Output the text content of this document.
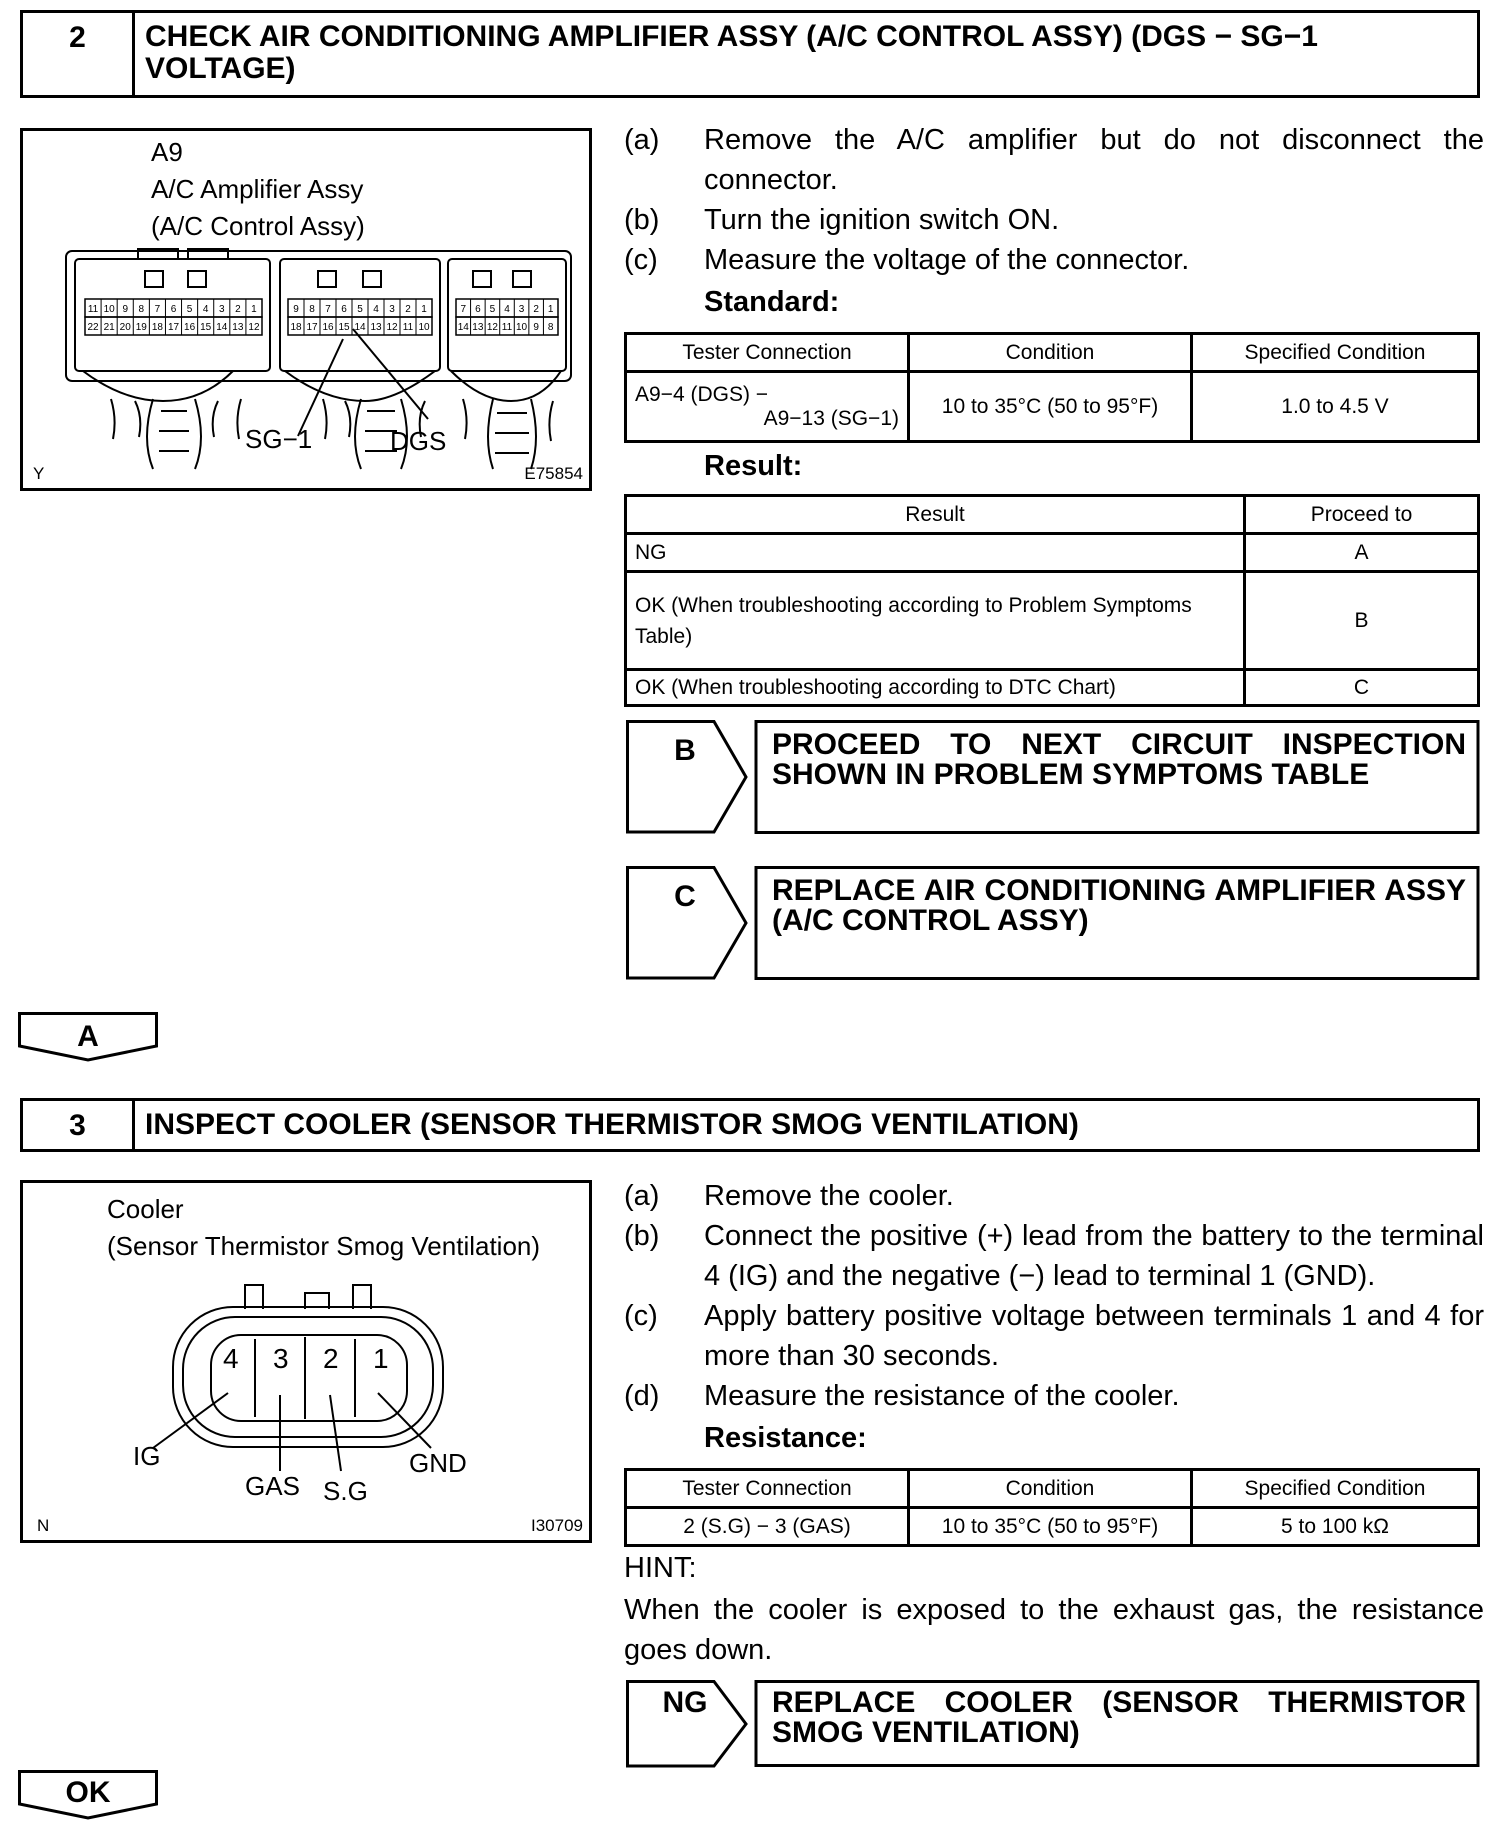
2	CHECK AIR CONDITIONING AMPLIFIER ASSY (A/C CONTROL ASSY) (DGS − SG−1 VOLTAGE)
A9
A/C Amplifier Assy
(A/C Control Assy)
11 10 9 8 7 6 5 4 3 2 1
22 21 20 19 18 17 16 15 14 13 12
9 8 7 6 5 4 3 2 1
18 17 16 15 14 13 12 11 10
7 6 5 4 3 2 1
14 13 12 11 10 9 8
SG−1	DGS
Y	E75854
(a) Remove the A/C amplifier but do not disconnect the connector.
(b) Turn the ignition switch ON.
(c) Measure the voltage of the connector.
Standard:
Tester Connection	Condition	Specified Condition

A9−4 (DGS) −
A9−13 (SG−1)	10 to 35°C (50 to 95°F)	1.0 to 4.5 V
Result:
Result	Proceed to
NG	A
OK (When troubleshooting according to Problem Symptoms Table)	B
OK (When troubleshooting according to DTC Chart)	C
B	PROCEED TO NEXT CIRCUIT INSPECTION SHOWN IN PROBLEM SYMPTOMS TABLE
C	REPLACE AIR CONDITIONING AMPLIFIER ASSY (A/C CONTROL ASSY)
A
3	INSPECT COOLER (SENSOR THERMISTOR SMOG VENTILATION)
Cooler
(Sensor Thermistor Smog Ventilation)
4 3 2 1
IG
GAS S.G
GND
N	I30709
(a) Remove the cooler.
(b) Connect the positive (+) lead from the battery to the terminal 4 (IG) and the negative (−) lead to terminal 1 (GND).
(c) Apply battery positive voltage between terminals 1 and 4 for more than 30 seconds.
(d) Measure the resistance of the cooler.
Resistance:
Tester Connection	Condition	Specified Condition
2 (S.G) − 3 (GAS)	10 to 35°C (50 to 95°F)	5 to 100 kΩ
HINT:
When the cooler is exposed to the exhaust gas, the resistance goes down.
NG	REPLACE COOLER (SENSOR THERMISTOR SMOG VENTILATION)
OK
